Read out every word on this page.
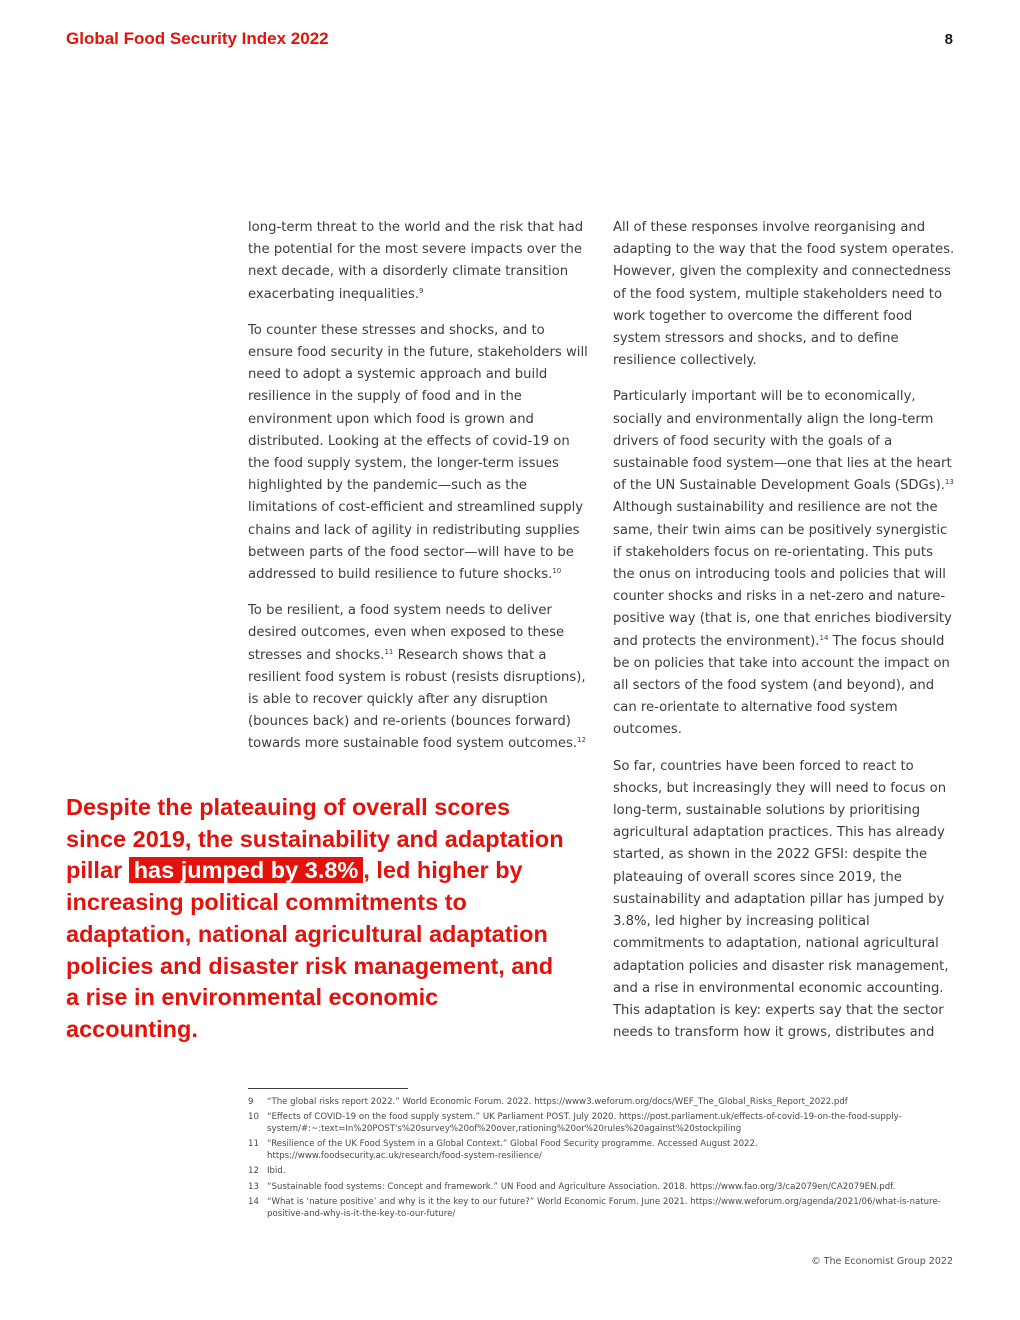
Global Food Security Index 2022	8

long-term threat to the world and the risk that had the potential for the most severe impacts over the next decade, with a disorderly climate transition exacerbating inequalities.$^9$

To counter these stresses and shocks, and to ensure food security in the future, stakeholders will need to adopt a systemic approach and build resilience in the supply of food and in the environment upon which food is grown and distributed. Looking at the effects of covid-19 on the food supply system, the longer-term issues highlighted by the pandemic—such as the limitations of cost-efficient and streamlined supply chains and lack of agility in redistributing supplies between parts of the food sector—will have to be addressed to build resilience to future shocks.$^{10}$

To be resilient, a food system needs to deliver desired outcomes, even when exposed to these stresses and shocks.$^{11}$ Research shows that a resilient food system is robust (resists disruptions), is able to recover quickly after any disruption (bounces back) and re-orients (bounces forward) towards more sustainable food system outcomes.$^{12}$

All of these responses involve reorganising and adapting to the way that the food system operates. However, given the complexity and connectedness of the food system, multiple stakeholders need to work together to overcome the different food system stressors and shocks, and to define resilience collectively.

Particularly important will be to economically, socially and environmentally align the long-term drivers of food security with the goals of a sustainable food system—one that lies at the heart of the UN Sustainable Development Goals (SDGs).$^{13}$ Although sustainability and resilience are not the same, their twin aims can be positively synergistic if stakeholders focus on re-orientating. This puts the onus on introducing tools and policies that will counter shocks and risks in a net-zero and nature-positive way (that is, one that enriches biodiversity and protects the environment).$^{14}$ The focus should be on policies that take into account the impact on all sectors of the food system (and beyond), and can re-orientate to alternative food system outcomes.

So far, countries have been forced to react to shocks, but increasingly they will need to focus on long-term, sustainable solutions by prioritising agricultural adaptation practices. This has already started, as shown in the 2022 GFSI: despite the plateauing of overall scores since 2019, the sustainability and adaptation pillar has jumped by 3.8%, led higher by increasing political commitments to adaptation, national agricultural adaptation policies and disaster risk management, and a rise in environmental economic accounting. This adaptation is key: experts say that the sector needs to transform how it grows, distributes and

Despite the plateauing of overall scores since 2019, the sustainability and adaptation pillar has jumped by 3.8% , led higher by increasing political commitments to adaptation, national agricultural adaptation policies and disaster risk management, and a rise in environmental economic accounting.

9 “The global risks report 2022.” World Economic Forum. 2022. https://www3.weforum.org/docs/WEF_The_Global_Risks_Report_2022.pdf
10 “Effects of COVID-19 on the food supply system.” UK Parliament POST. July 2020. https://post.parliament.uk/effects-of-covid-19-on-the-food-supply-system/#:~:text=In%20POST's%20survey%20of%20over,rationing%20or%20rules%20against%20stockpiling
11 “Resilience of the UK Food System in a Global Context.” Global Food Security programme. Accessed August 2022. https://www.foodsecurity.ac.uk/research/food-system-resilience/
12 Ibid.
13 “Sustainable food systems: Concept and framework.” UN Food and Agriculture Association. 2018. https://www.fao.org/3/ca2079en/CA2079EN.pdf.
14 “What is ‘nature positive’ and why is it the key to our future?” World Economic Forum. June 2021. https://www.weforum.org/agenda/2021/06/what-is-nature-positive-and-why-is-it-the-key-to-our-future/
© The Economist Group 2022
